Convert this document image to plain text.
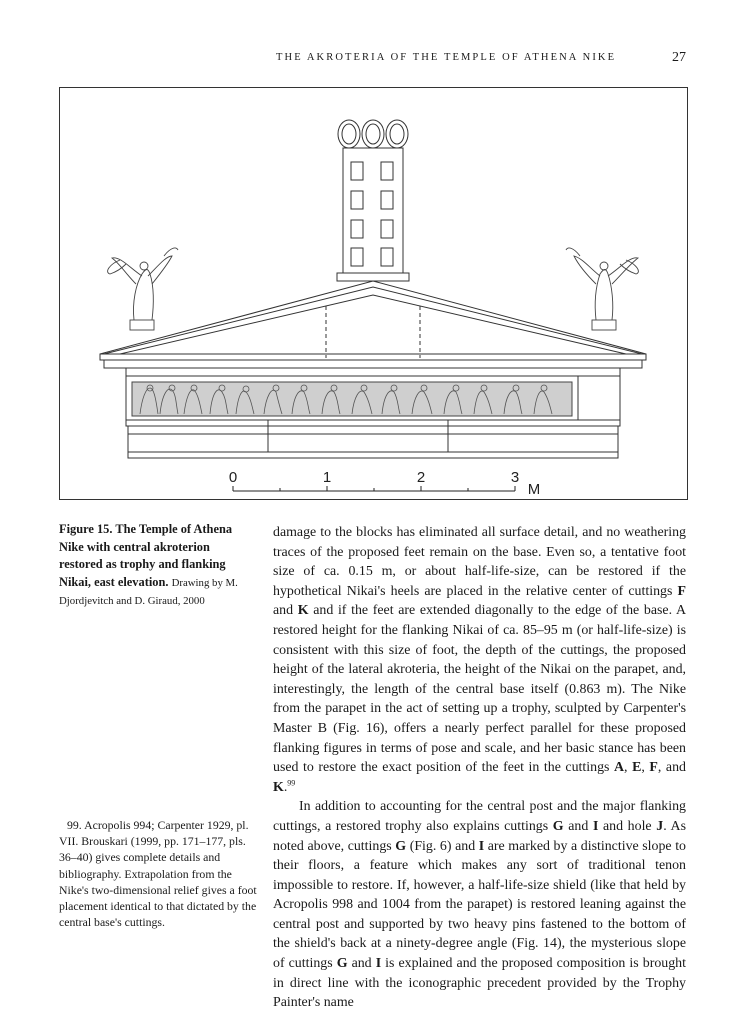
THE AKROTERIA OF THE TEMPLE OF ATHENA NIKE	27
0	1	2	3
M
Figure 15. The Temple of Athena Nike with central akroterion restored as trophy and flanking Nikai, east elevation. Drawing by M. Djordjevitch and D. Giraud, 2000

99. Acropolis 994; Carpenter 1929, pl. VII. Brouskari (1999, pp. 171–177, pls. 36–40) gives complete details and bibliography. Extrapolation from the Nike's two-dimensional relief gives a foot placement identical to that dictated by the central base's cuttings.

damage to the blocks has eliminated all surface detail, and no weathering traces of the proposed feet remain on the base. Even so, a tentative foot size of ca. 0.15 m, or about half-life-size, can be restored if the hypothetical Nikai's heels are placed in the relative center of cuttings F and K and if the feet are extended diagonally to the edge of the base. A restored height for the flanking Nikai of ca. 85–95 m (or half-life-size) is consistent with this size of foot, the depth of the cuttings, the proposed height of the lateral akroteria, the height of the Nikai on the parapet, and, interestingly, the length of the central base itself (0.863 m). The Nike from the parapet in the act of setting up a trophy, sculpted by Carpenter's Master B (Fig. 16), offers a nearly perfect parallel for these proposed flanking figures in terms of pose and scale, and her basic stance has been used to restore the exact position of the feet in the cuttings A, E, F, and K.$^{99}$

In addition to accounting for the central post and the major flanking cuttings, a restored trophy also explains cuttings G and I and hole J. As noted above, cuttings G (Fig. 6) and I are marked by a distinctive slope to their floors, a feature which makes any sort of traditional tenon impossible to restore. If, however, a half-life-size shield (like that held by Acropolis 998 and 1004 from the parapet) is restored leaning against the central post and supported by two heavy pins fastened to the bottom of the shield's back at a ninety-degree angle (Fig. 14), the mysterious slope of cuttings G and I is explained and the proposed composition is brought in direct line with the iconographic precedent provided by the Trophy Painter's name
